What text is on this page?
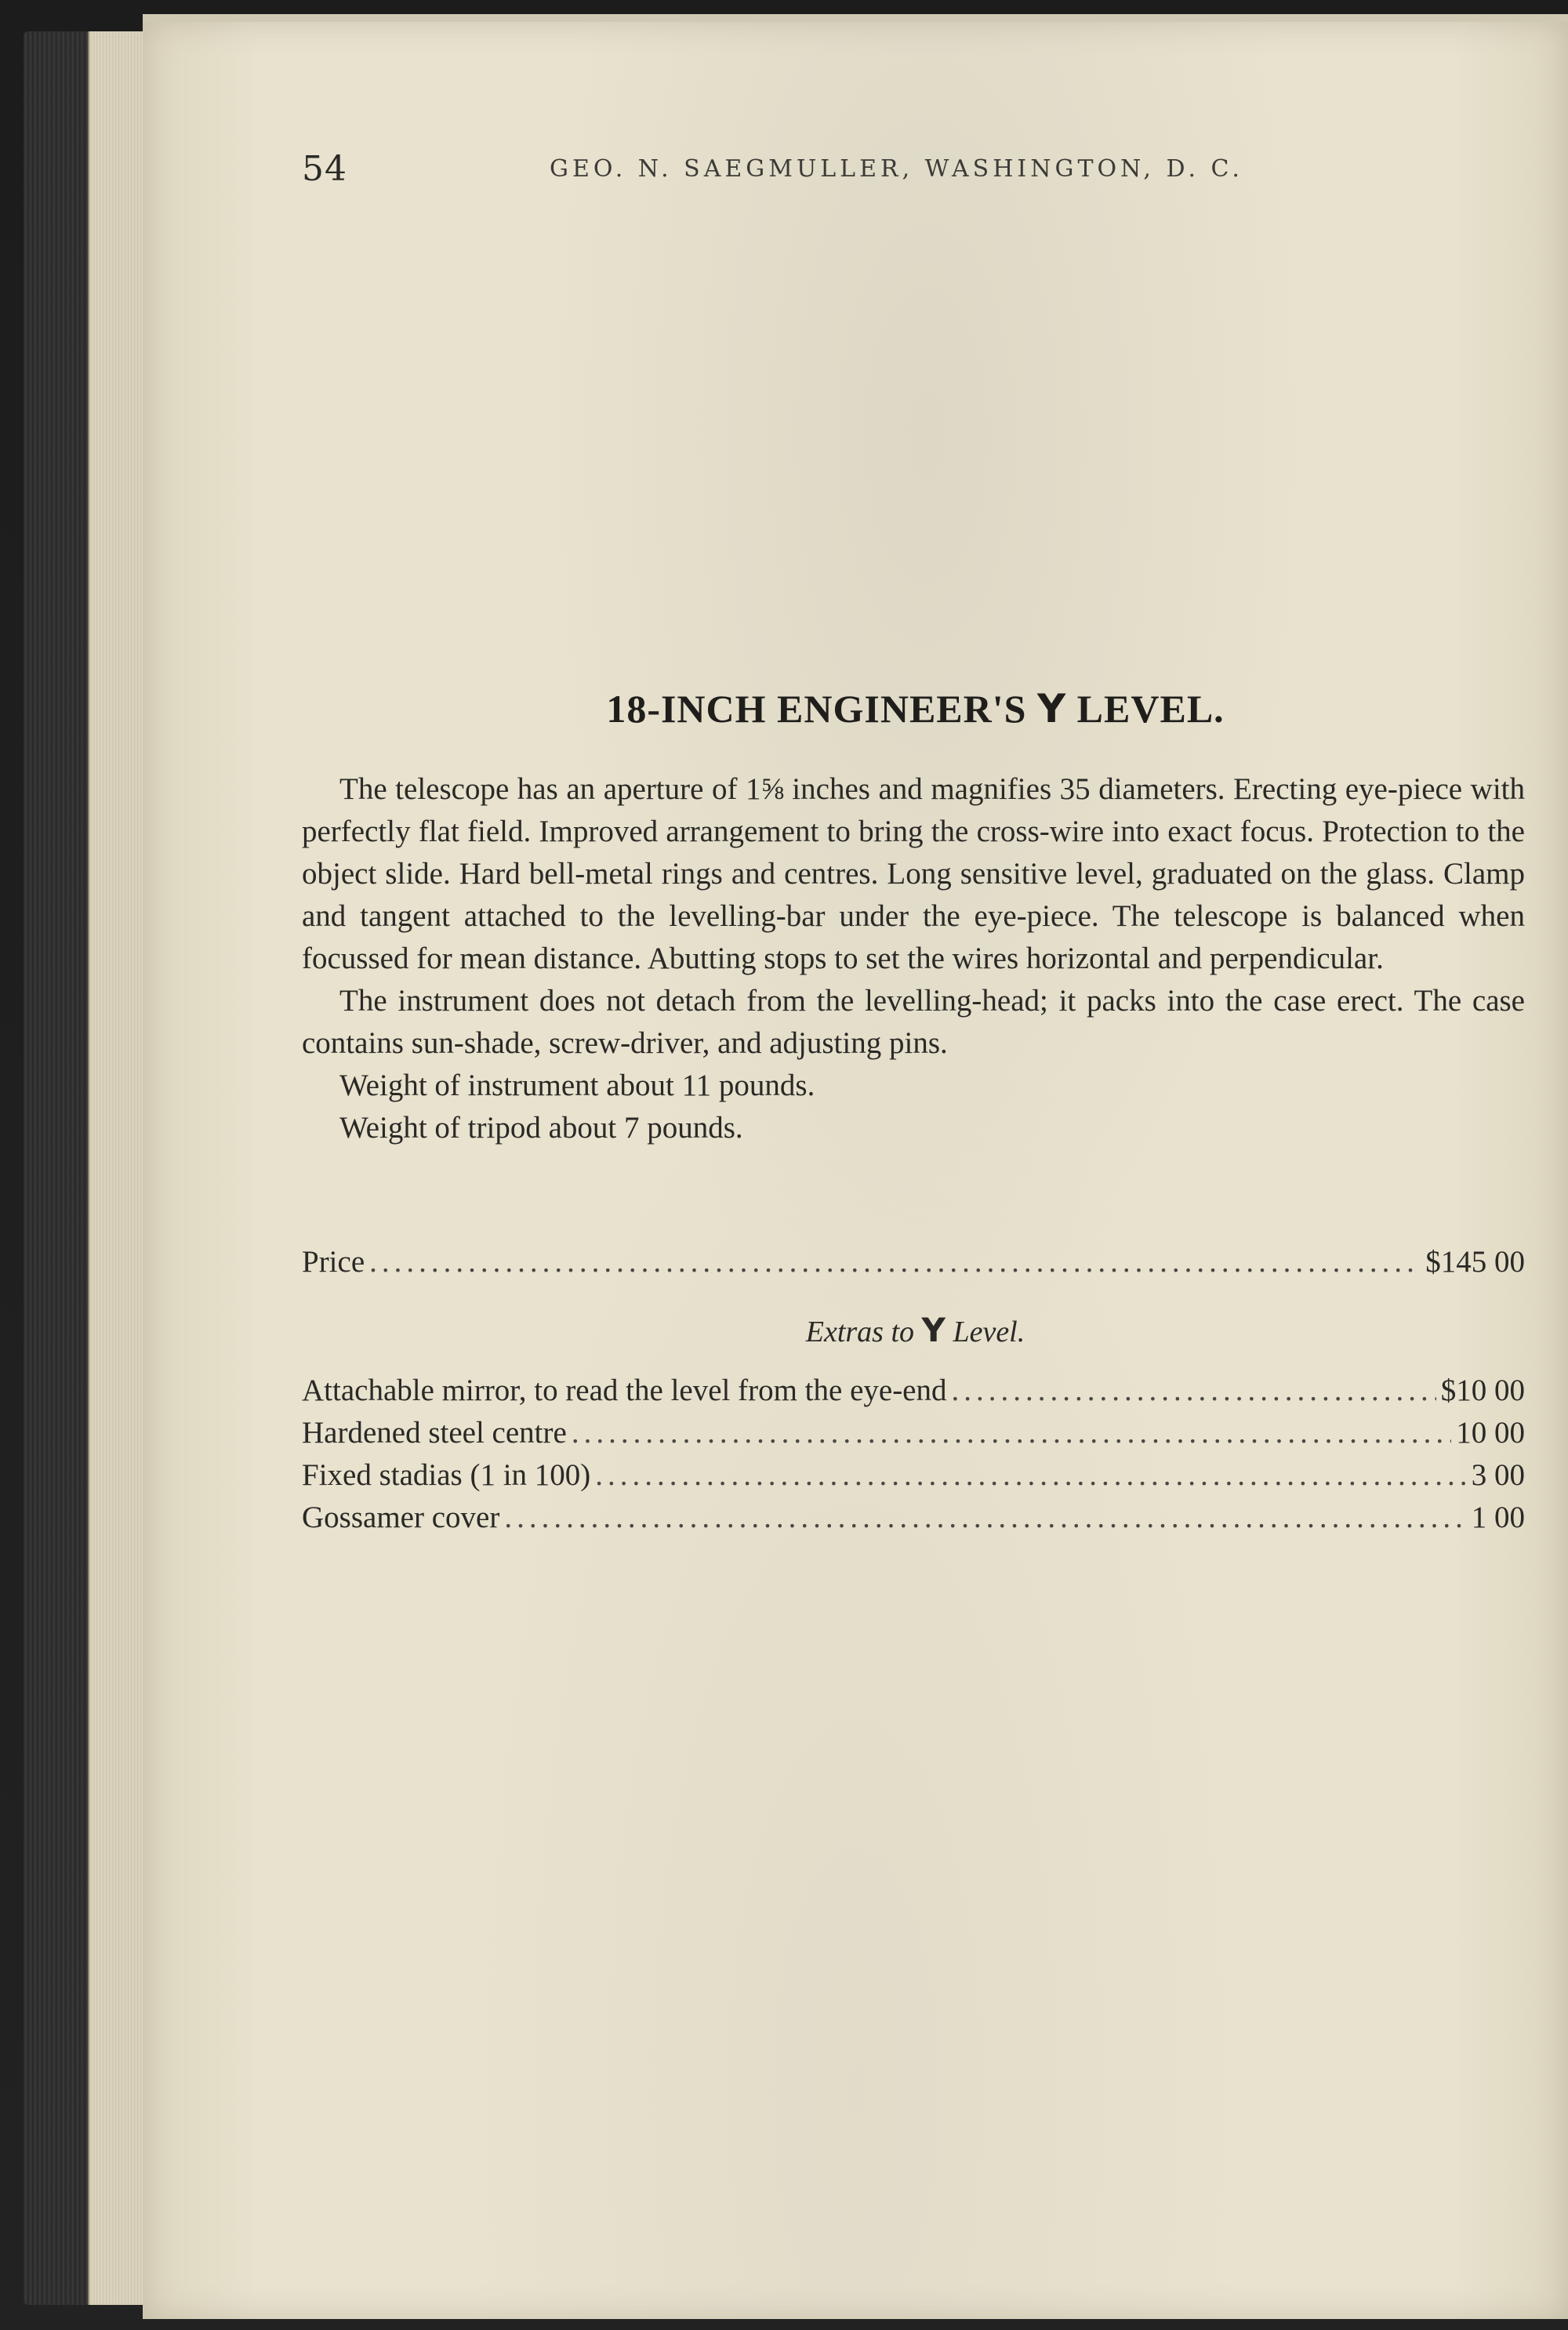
54	GEO. N. SAEGMULLER, WASHINGTON, D. C.
18-INCH ENGINEER'S Y LEVEL.

The telescope has an aperture of 1⅝ inches and magnifies 35 diameters. Erecting eye-piece with perfectly flat field. Improved arrangement to bring the cross-wire into exact focus. Protection to the object slide. Hard bell-metal rings and centres. Long sensitive level, graduated on the glass. Clamp and tangent attached to the levelling-bar under the eye-piece. The telescope is balanced when focussed for mean distance. Abutting stops to set the wires horizontal and perpendicular.

The instrument does not detach from the levelling-head; it packs into the case erect. The case contains sun-shade, screw-driver, and adjusting pins.

Weight of instrument about 11 pounds.

Weight of tripod about 7 pounds.

Price .....	$145 00
Extras to Y Level.
Attachable mirror, to read the level from the eye-end .....	$10 00
Hardened steel centre .....	10 00
Fixed stadias (1 in 100) .....	3 00
Gossamer cover .....	1 00
